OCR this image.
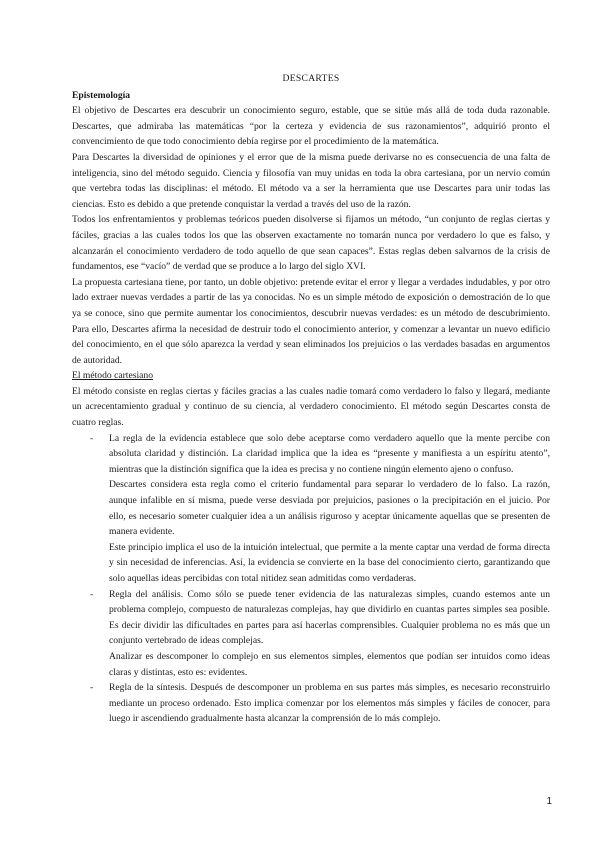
DESCARTES
Epistemología

El objetivo de Descartes era descubrir un conocimiento seguro, estable, que se sitúe más allá de toda duda razonable. Descartes, que admiraba las matemáticas “por la certeza y evidencia de sus razonamientos”, adquirió pronto el convencimiento de que todo conocimiento debía regirse por el procedimiento de la matemática.

Para Descartes la diversidad de opiniones y el error que de la misma puede derivarse no es consecuencia de una falta de inteligencia, sino del método seguido. Ciencia y filosofía van muy unidas en toda la obra cartesiana, por un nervio común que vertebra todas las disciplinas: el método. El método va a ser la herramienta que use Descartes para unir todas las ciencias. Esto es debido a que pretende conquistar la verdad a través del uso de la razón.

Todos los enfrentamientos y problemas teóricos pueden disolverse si fijamos un método, “un conjunto de reglas ciertas y fáciles, gracias a las cuales todos los que las observen exactamente no tomarán nunca por verdadero lo que es falso, y alcanzarán el conocimiento verdadero de todo aquello de que sean capaces”. Estas reglas deben salvarnos de la crisis de fundamentos, ese “vacío” de verdad que se produce a lo largo del siglo XVI.

La propuesta cartesiana tiene, por tanto, un doble objetivo: pretende evitar el error y llegar a verdades indudables, y por otro lado extraer nuevas verdades a partir de las ya conocidas. No es un simple método de exposición o demostración de lo que ya se conoce, sino que permite aumentar los conocimientos, descubrir nuevas verdades: es un método de descubrimiento. Para ello, Descartes afirma la necesidad de destruir todo el conocimiento anterior, y comenzar a levantar un nuevo edificio del conocimiento, en el que sólo aparezca la verdad y sean eliminados los prejuicios o las verdades basadas en argumentos de autoridad.

El método cartesiano

El método consiste en reglas ciertas y fáciles gracias a las cuales nadie tomará como verdadero lo falso y llegará, mediante un acrecentamiento gradual y continuo de su ciencia, al verdadero conocimiento. El método según Descartes consta de cuatro reglas.

- La regla de la evidencia establece que solo debe aceptarse como verdadero aquello que la mente percibe con absoluta claridad y distinción. La claridad implica que la idea es “presente y manifiesta a un espíritu atento”, mientras que la distinción significa que la idea es precisa y no contiene ningún elemento ajeno o confuso.

Descartes considera esta regla como el criterio fundamental para separar lo verdadero de lo falso. La razón, aunque infalible en sí misma, puede verse desviada por prejuicios, pasiones o la precipitación en el juicio. Por ello, es necesario someter cualquier idea a un análisis riguroso y aceptar únicamente aquellas que se presenten de manera evidente.

Este principio implica el uso de la intuición intelectual, que permite a la mente captar una verdad de forma directa y sin necesidad de inferencias. Así, la evidencia se convierte en la base del conocimiento cierto, garantizando que solo aquellas ideas percibidas con total nitidez sean admitidas como verdaderas.

- Regla del análisis. Como sólo se puede tener evidencia de las naturalezas simples, cuando estemos ante un problema complejo, compuesto de naturalezas complejas, hay que dividirlo en cuantas partes simples sea posible. Es decir dividir las dificultades en partes para así hacerlas comprensibles. Cualquier problema no es más que un conjunto vertebrado de ideas complejas.

Analizar es descomponer lo complejo en sus elementos simples, elementos que podían ser intuidos como ideas claras y distintas, esto es: evidentes.

- Regla de la síntesis. Después de descomponer un problema en sus partes más simples, es necesario reconstruirlo mediante un proceso ordenado. Esto implica comenzar por los elementos más simples y fáciles de conocer, para luego ir ascendiendo gradualmente hasta alcanzar la comprensión de lo más complejo.

1
